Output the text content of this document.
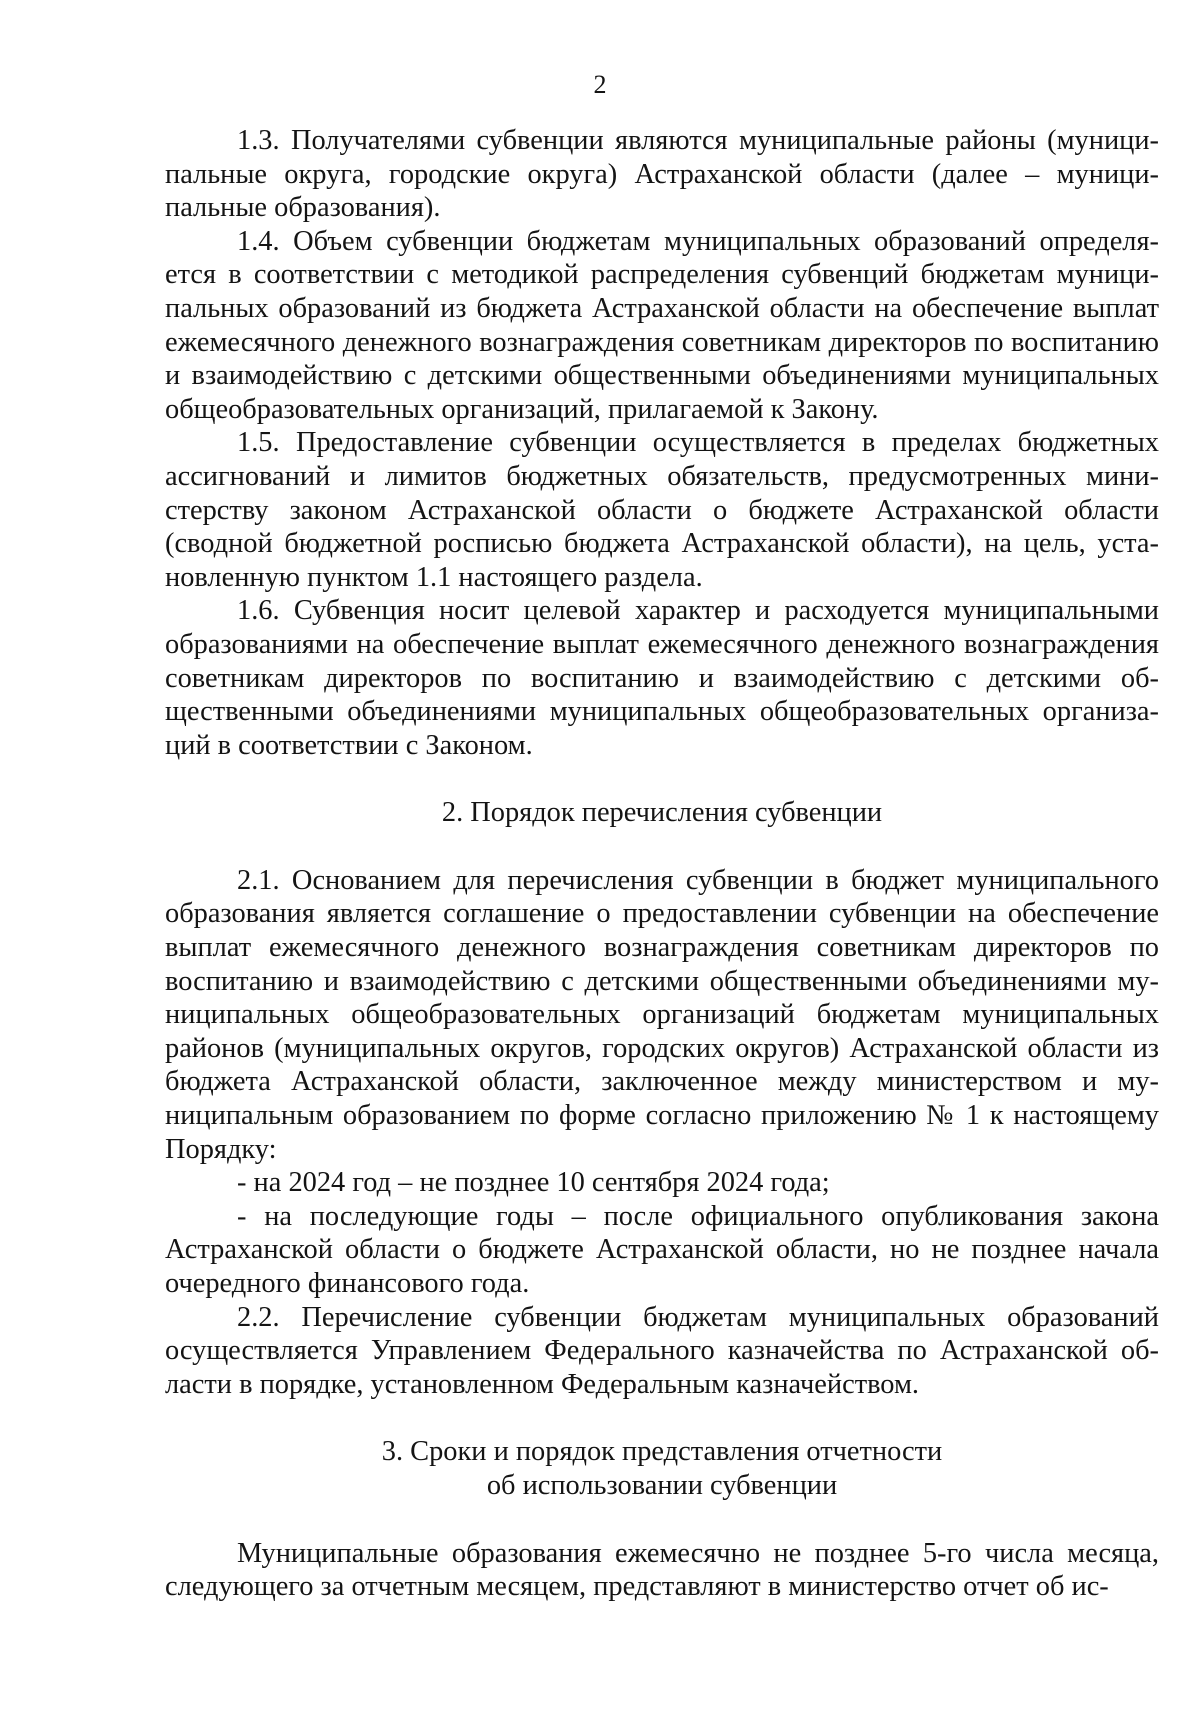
2

1.3. Получателями субвенции являются муниципальные районы (муниципальные округа, городские округа) Астраханской области (далее – муниципальные образования).

1.4. Объем субвенции бюджетам муниципальных образований определяется в соответствии с методикой распределения субвенций бюджетам муниципальных образований из бюджета Астраханской области на обеспечение выплат ежемесячного денежного вознаграждения советникам директоров по воспитанию и взаимодействию с детскими общественными объединениями муниципальных общеобразовательных организаций, прилагаемой к Закону.

1.5. Предоставление субвенции осуществляется в пределах бюджетных ассигнований и лимитов бюджетных обязательств, предусмотренных министерству законом Астраханской области о бюджете Астраханской области (сводной бюджетной росписью бюджета Астраханской области), на цель, установленную пунктом 1.1 настоящего раздела.

1.6. Субвенция носит целевой характер и расходуется муниципальными образованиями на обеспечение выплат ежемесячного денежного вознаграждения советникам директоров по воспитанию и взаимодействию с детскими общественными объединениями муниципальных общеобразовательных организаций в соответствии с Законом.

2. Порядок перечисления субвенции

2.1. Основанием для перечисления субвенции в бюджет муниципального образования является соглашение о предоставлении субвенции на обеспечение выплат ежемесячного денежного вознаграждения советникам директоров по воспитанию и взаимодействию с детскими общественными объединениями муниципальных общеобразовательных организаций бюджетам муниципальных районов (муниципальных округов, городских округов) Астраханской области из бюджета Астраханской области, заключенное между министерством и муниципальным образованием по форме согласно приложению № 1 к настоящему Порядку:

- на 2024 год – не позднее 10 сентября 2024 года;

- на последующие годы – после официального опубликования закона Астраханской области о бюджете Астраханской области, но не позднее начала очередного финансового года.

2.2. Перечисление субвенции бюджетам муниципальных образований осуществляется Управлением Федерального казначейства по Астраханской области в порядке, установленном Федеральным казначейством.

3. Сроки и порядок представления отчетности
об использовании субвенции

Муниципальные образования ежемесячно не позднее 5-го числа месяца, следующего за отчетным месяцем, представляют в министерство отчет об ис-
